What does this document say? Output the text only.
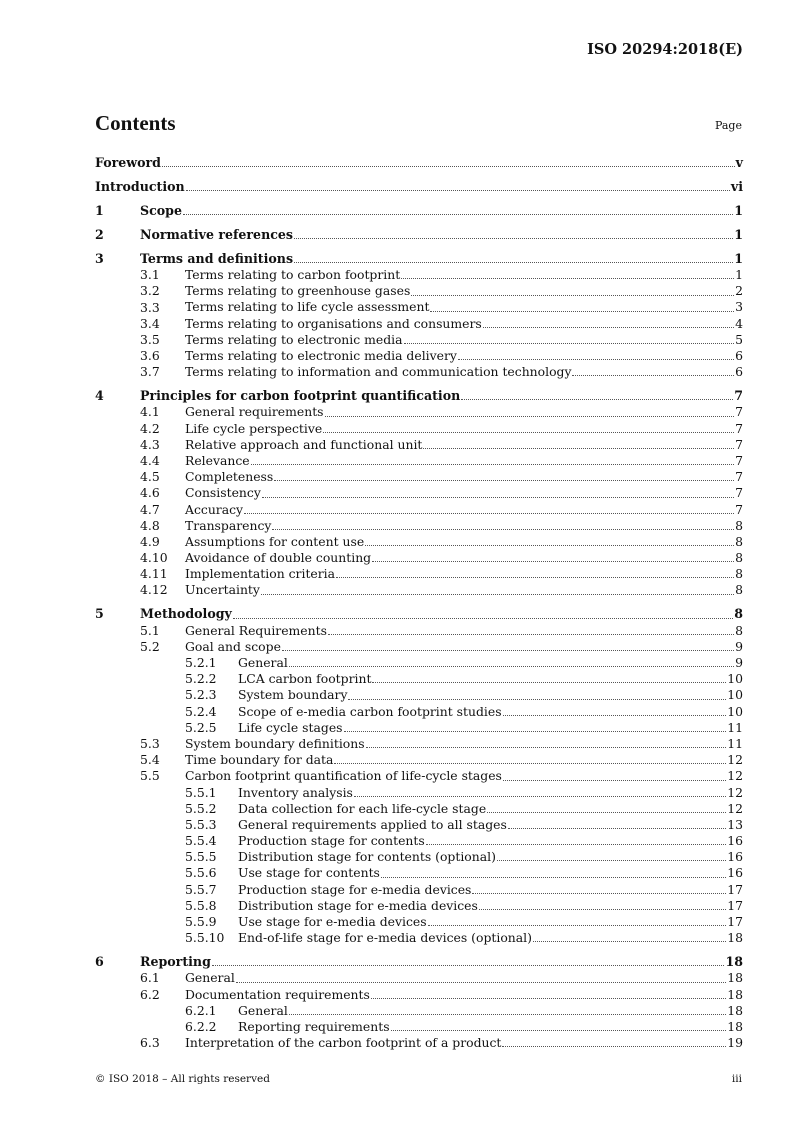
ISO 20294:2018(E)
Contents	Page
Foreword	v
Introduction	vi
1	Scope	1
2	Normative references	1
3	Terms and definitions	1
3.1 Terms relating to carbon footprint	1
3.2 Terms relating to greenhouse gases	2
3.3 Terms relating to life cycle assessment	3
3.4 Terms relating to organisations and consumers	4
3.5 Terms relating to electronic media	5
3.6 Terms relating to electronic media delivery	6
3.7 Terms relating to information and communication technology	6
4	Principles for carbon footprint quantification	7
4.1 General requirements	7
4.2 Life cycle perspective	7
4.3 Relative approach and functional unit	7
4.4 Relevance	7
4.5 Completeness	7
4.6 Consistency	7
4.7 Accuracy	7
4.8 Transparency	8
4.9 Assumptions for content use	8
4.10 Avoidance of double counting	8
4.11 Implementation criteria	8
4.12 Uncertainty	8
5	Methodology	8
5.1 General Requirements	8
5.2 Goal and scope	9
5.2.1 General	9
5.2.2 LCA carbon footprint	10
5.2.3 System boundary	10
5.2.4 Scope of e-media carbon footprint studies	10
5.2.5 Life cycle stages	11
5.3 System boundary definitions	11
5.4 Time boundary for data	12
5.5 Carbon footprint quantification of life-cycle stages	12
5.5.1 Inventory analysis	12
5.5.2 Data collection for each life-cycle stage	12
5.5.3 General requirements applied to all stages	13
5.5.4 Production stage for contents	16
5.5.5 Distribution stage for contents (optional)	16
5.5.6 Use stage for contents	16
5.5.7 Production stage for e-media devices	17
5.5.8 Distribution stage for e-media devices	17
5.5.9 Use stage for e-media devices	17
5.5.10 End-of-life stage for e-media devices (optional)	18
6	Reporting	18
6.1 General	18
6.2 Documentation requirements	18
6.2.1 General	18
6.2.2 Reporting requirements	18
6.3 Interpretation of the carbon footprint of a product	19
© ISO 2018 – All rights reserved	iii
